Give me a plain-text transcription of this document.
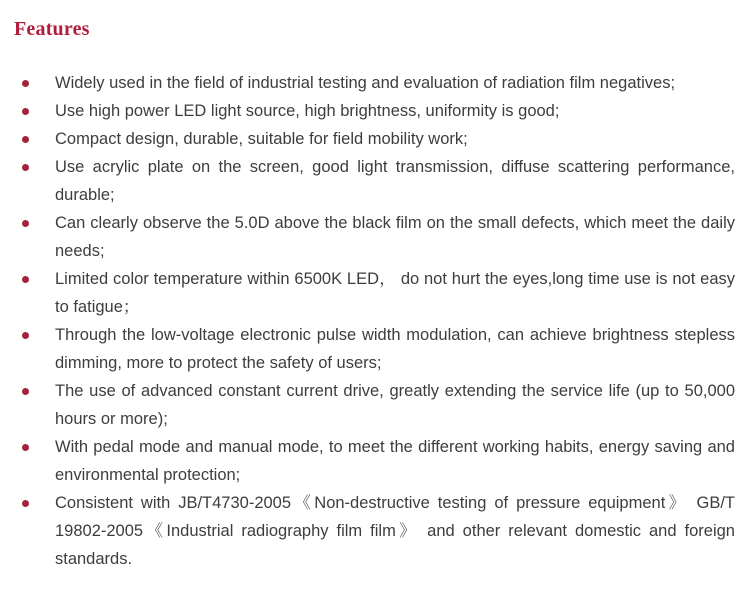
Features
Widely used in the field of industrial testing and evaluation of radiation film negatives;
Use high power LED light source, high brightness, uniformity is good;
Compact design, durable, suitable for field mobility work;
Use acrylic plate on the screen, good light transmission, diffuse scattering performance, durable;
Can clearly observe the 5.0D above the black film on the small defects, which meet the daily needs;
Limited color temperature within 6500K LED， do not hurt the eyes,long time use is not easy to fatigue；
Through the low-voltage electronic pulse width modulation, can achieve brightness stepless dimming, more to protect the safety of users;
The use of advanced constant current drive, greatly extending the service life (up to 50,000 hours or more);
With pedal mode and manual mode, to meet the different working habits, energy saving and environmental protection;
Consistent with JB/T4730-2005《Non-destructive testing of pressure equipment》 GB/T 19802-2005《Industrial radiography film film》 and other relevant domestic and foreign standards.
